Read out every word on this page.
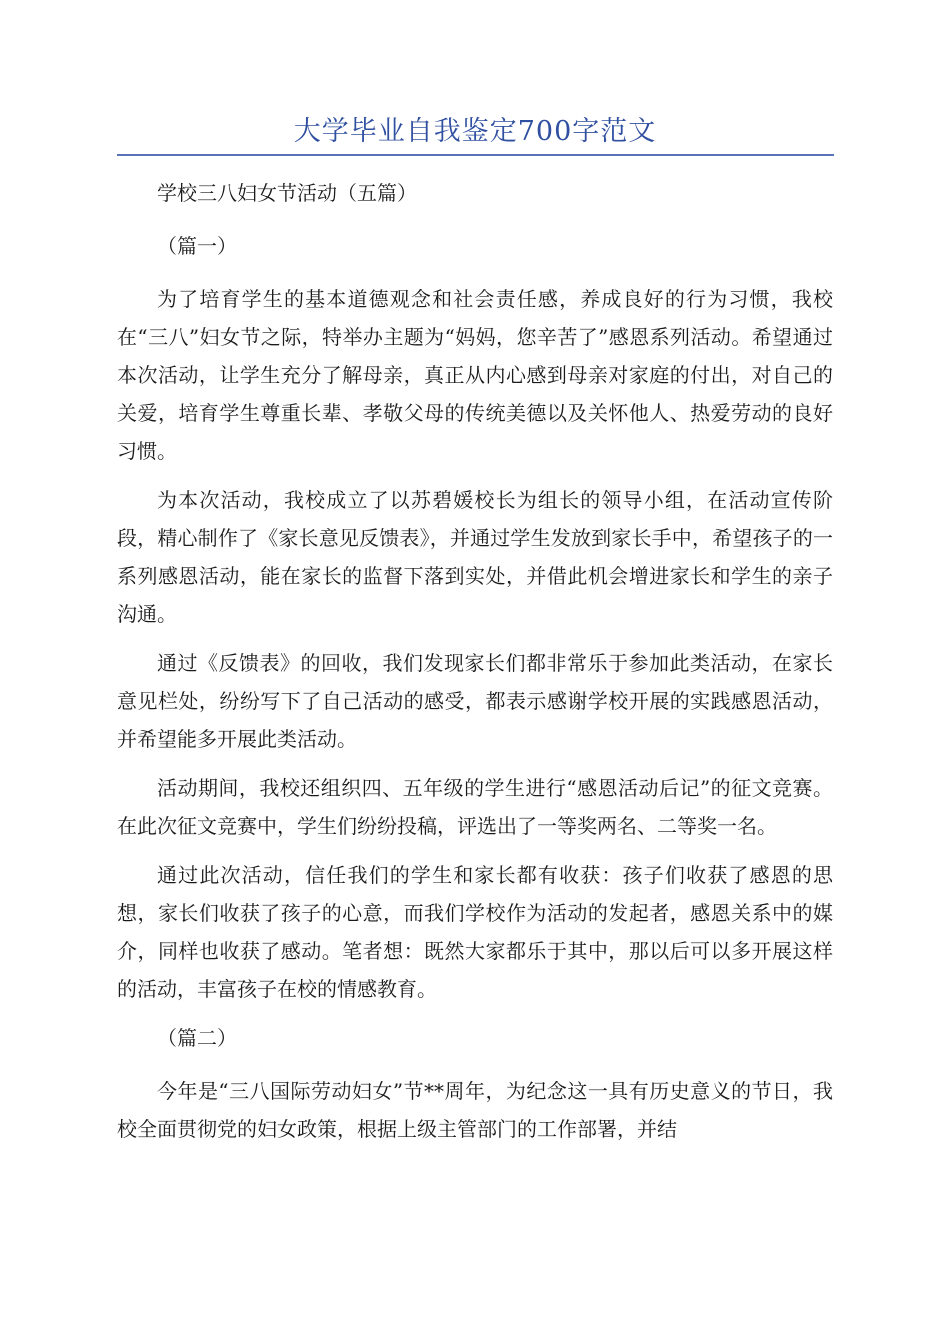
大学毕业自我鉴定700字范文

学校三八妇女节活动（五篇）

（篇一）

为了培育学生的基本道德观念和社会责任感，养成良好的行为习惯，我校在“三八”妇女节之际，特举办主题为“妈妈，您辛苦了”感恩系列活动。希望通过本次活动，让学生充分了解母亲，真正从内心感到母亲对家庭的付出，对自己的关爱，培育学生尊重长辈、孝敬父母的传统美德以及关怀他人、热爱劳动的良好习惯。

为本次活动，我校成立了以苏碧媛校长为组长的领导小组，在活动宣传阶段，精心制作了《家长意见反馈表》，并通过学生发放到家长手中，希望孩子的一系列感恩活动，能在家长的监督下落到实处，并借此机会增进家长和学生的亲子沟通。

通过《反馈表》的回收，我们发现家长们都非常乐于参加此类活动，在家长意见栏处，纷纷写下了自己活动的感受，都表示感谢学校开展的实践感恩活动，并希望能多开展此类活动。

活动期间，我校还组织四、五年级的学生进行“感恩活动后记”的征文竞赛。在此次征文竞赛中，学生们纷纷投稿，评选出了一等奖两名、二等奖一名。

通过此次活动，信任我们的学生和家长都有收获：孩子们收获了感恩的思想，家长们收获了孩子的心意，而我们学校作为活动的发起者，感恩关系中的媒介，同样也收获了感动。笔者想：既然大家都乐于其中，那以后可以多开展这样的活动，丰富孩子在校的情感教育。

（篇二）

今年是“三八国际劳动妇女”节**周年，为纪念这一具有历史意义的节日，我校全面贯彻党的妇女政策，根据上级主管部门的工作部署，并结
